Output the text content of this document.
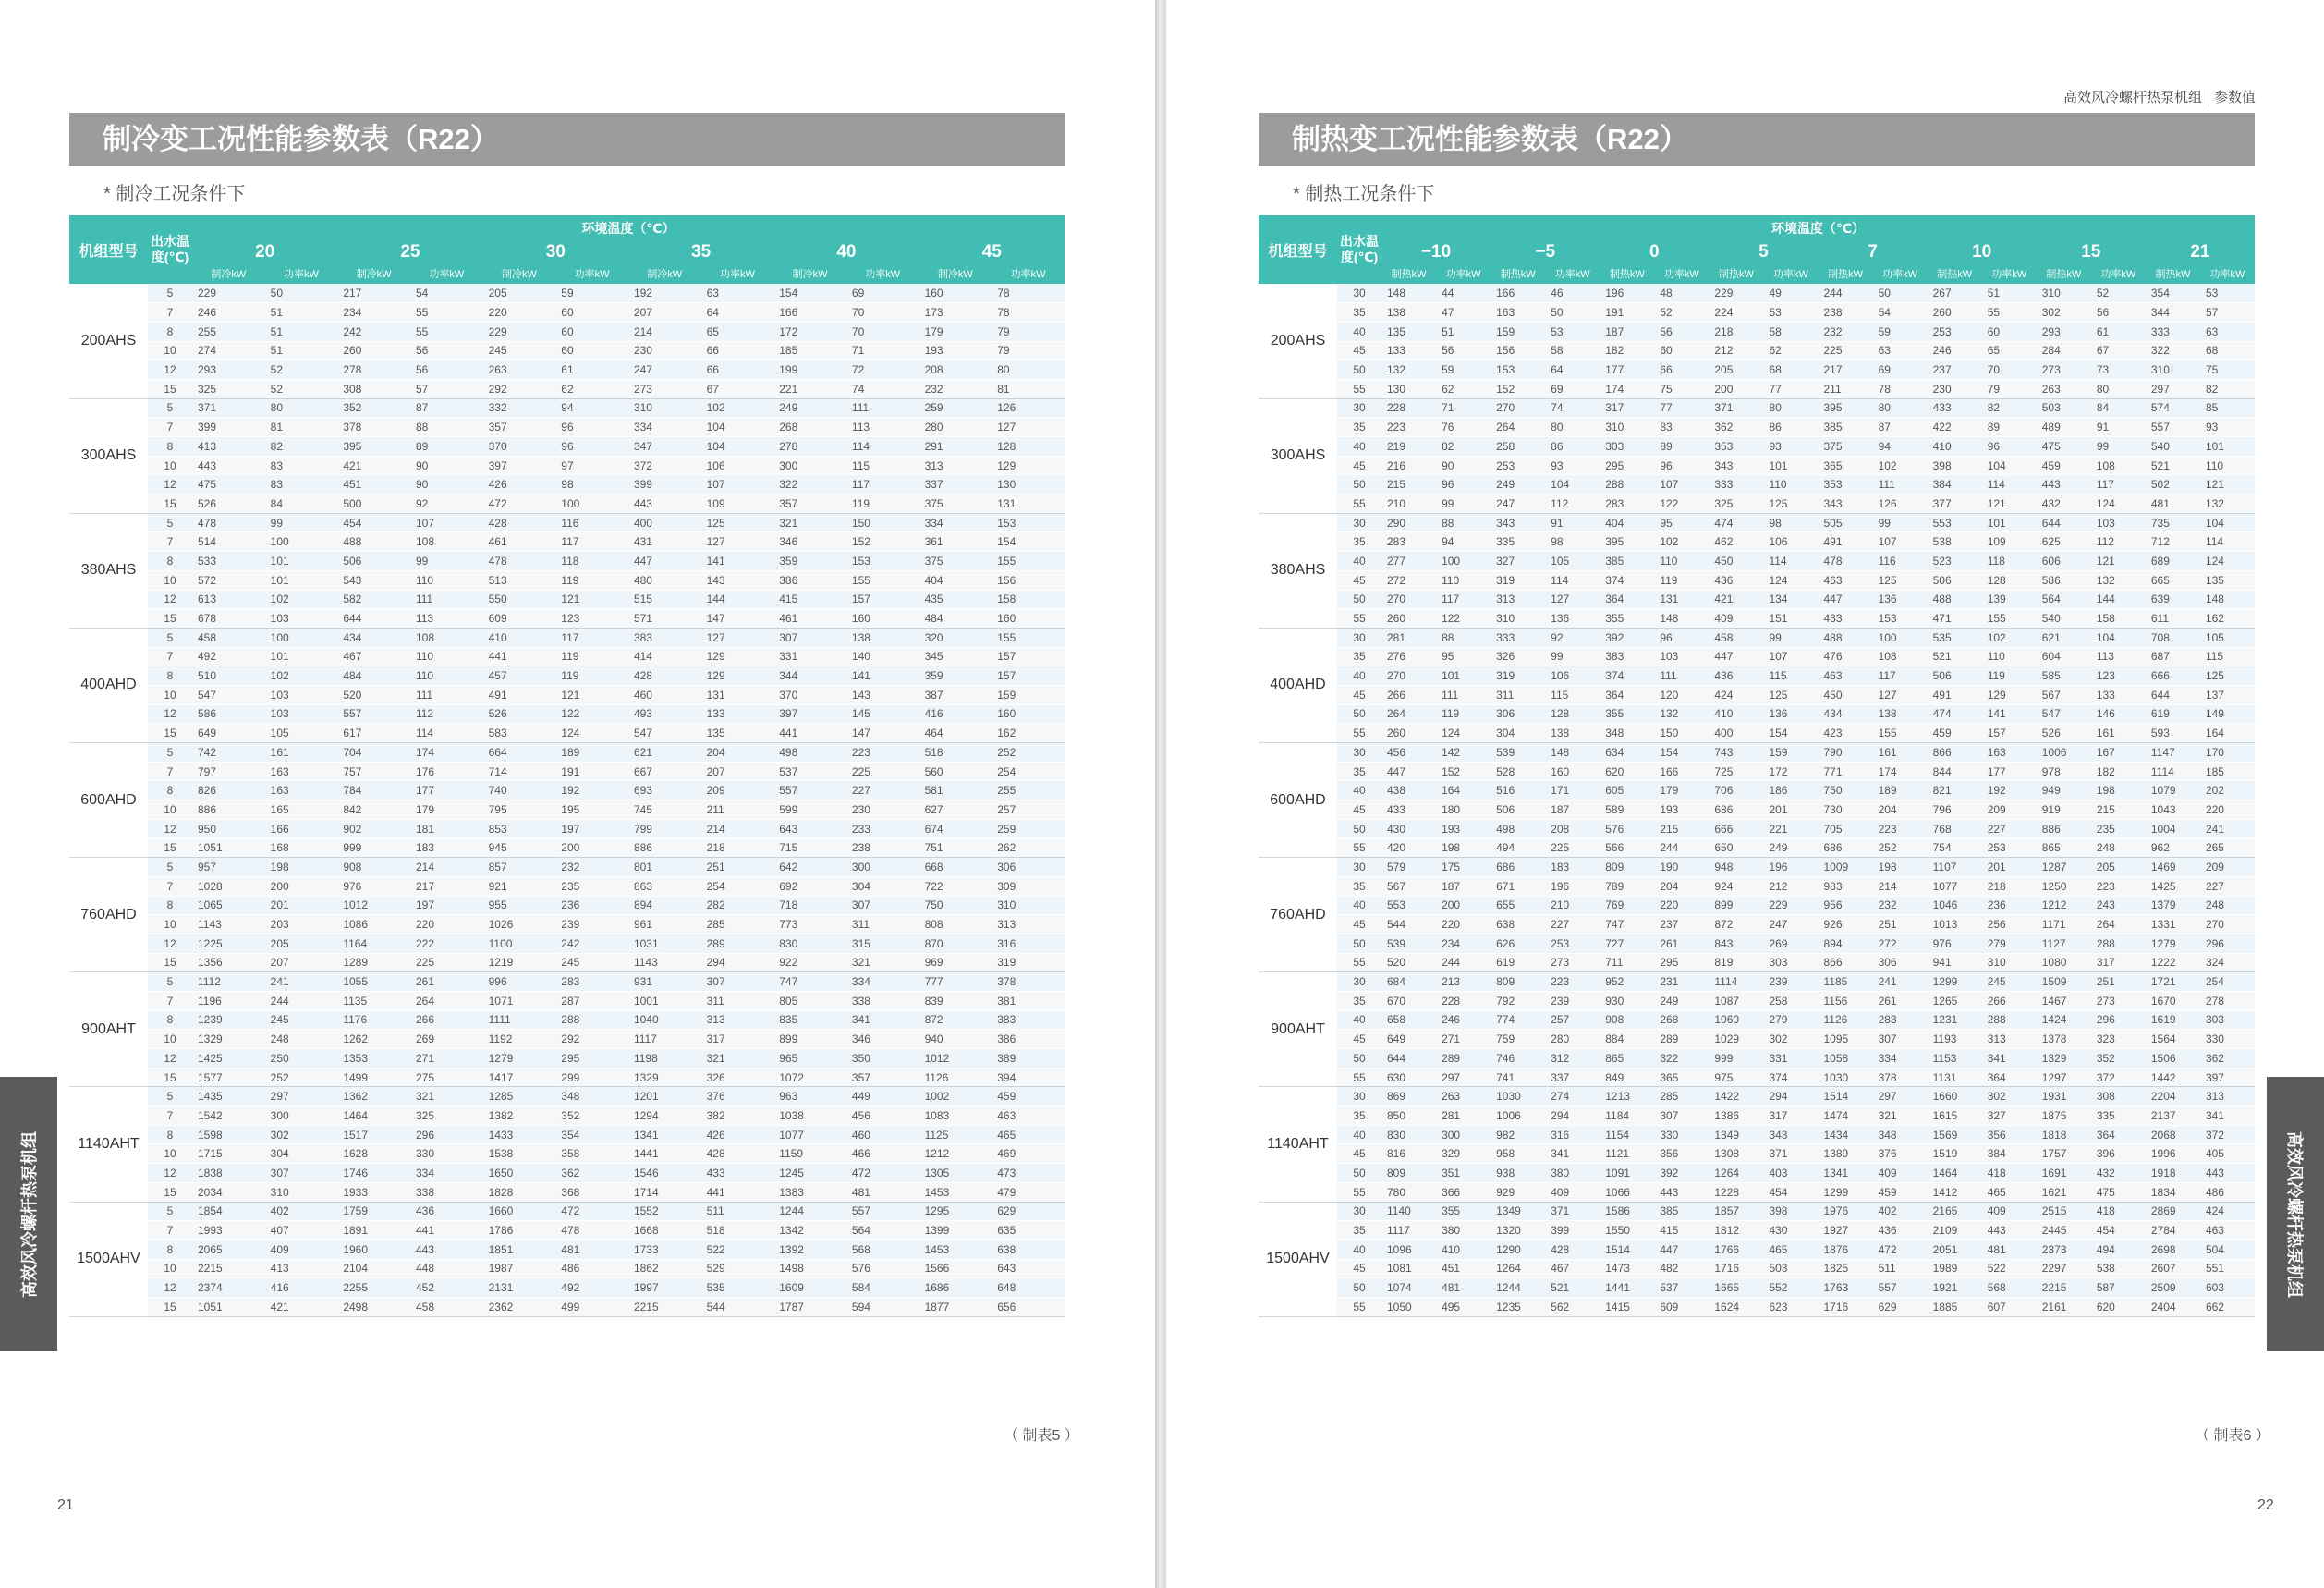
制冷变工况性能参数表（R22）
* 制冷工况条件下
机组型号	出水温度(℃)	环境温度（℃）											
		20		25		30		35		40		45	
		制冷kW	功率kW	制冷kW	功率kW	制冷kW	功率kW	制冷kW	功率kW	制冷kW	功率kW	制冷kW	功率kW
200AHS	5	229	50	217	54	205	59	192	63	154	69	160	78
	7	246	51	234	55	220	60	207	64	166	70	173	78
	8	255	51	242	55	229	60	214	65	172	70	179	79
	10	274	51	260	56	245	60	230	66	185	71	193	79
	12	293	52	278	56	263	61	247	66	199	72	208	80
	15	325	52	308	57	292	62	273	67	221	74	232	81
300AHS	5	371	80	352	87	332	94	310	102	249	111	259	126
	7	399	81	378	88	357	96	334	104	268	113	280	127
	8	413	82	395	89	370	96	347	104	278	114	291	128
	10	443	83	421	90	397	97	372	106	300	115	313	129
	12	475	83	451	90	426	98	399	107	322	117	337	130
	15	526	84	500	92	472	100	443	109	357	119	375	131
380AHS	5	478	99	454	107	428	116	400	125	321	150	334	153
	7	514	100	488	108	461	117	431	127	346	152	361	154
	8	533	101	506	99	478	118	447	141	359	153	375	155
	10	572	101	543	110	513	119	480	143	386	155	404	156
	12	613	102	582	111	550	121	515	144	415	157	435	158
	15	678	103	644	113	609	123	571	147	461	160	484	160
400AHD	5	458	100	434	108	410	117	383	127	307	138	320	155
	7	492	101	467	110	441	119	414	129	331	140	345	157
	8	510	102	484	110	457	119	428	129	344	141	359	157
	10	547	103	520	111	491	121	460	131	370	143	387	159
	12	586	103	557	112	526	122	493	133	397	145	416	160
	15	649	105	617	114	583	124	547	135	441	147	464	162
600AHD	5	742	161	704	174	664	189	621	204	498	223	518	252
	7	797	163	757	176	714	191	667	207	537	225	560	254
	8	826	163	784	177	740	192	693	209	557	227	581	255
	10	886	165	842	179	795	195	745	211	599	230	627	257
	12	950	166	902	181	853	197	799	214	643	233	674	259
	15	1051	168	999	183	945	200	886	218	715	238	751	262
760AHD	5	957	198	908	214	857	232	801	251	642	300	668	306
	7	1028	200	976	217	921	235	863	254	692	304	722	309
	8	1065	201	1012	197	955	236	894	282	718	307	750	310
	10	1143	203	1086	220	1026	239	961	285	773	311	808	313
	12	1225	205	1164	222	1100	242	1031	289	830	315	870	316
	15	1356	207	1289	225	1219	245	1143	294	922	321	969	319
900AHT	5	1112	241	1055	261	996	283	931	307	747	334	777	378
	7	1196	244	1135	264	1071	287	1001	311	805	338	839	381
	8	1239	245	1176	266	1111	288	1040	313	835	341	872	383
	10	1329	248	1262	269	1192	292	1117	317	899	346	940	386
	12	1425	250	1353	271	1279	295	1198	321	965	350	1012	389
	15	1577	252	1499	275	1417	299	1329	326	1072	357	1126	394
1140AHT	5	1435	297	1362	321	1285	348	1201	376	963	449	1002	459
	7	1542	300	1464	325	1382	352	1294	382	1038	456	1083	463
	8	1598	302	1517	296	1433	354	1341	426	1077	460	1125	465
	10	1715	304	1628	330	1538	358	1441	428	1159	466	1212	469
	12	1838	307	1746	334	1650	362	1546	433	1245	472	1305	473
	15	2034	310	1933	338	1828	368	1714	441	1383	481	1453	479
1500AHV	5	1854	402	1759	436	1660	472	1552	511	1244	557	1295	629
	7	1993	407	1891	441	1786	478	1668	518	1342	564	1399	635
	8	2065	409	1960	443	1851	481	1733	522	1392	568	1453	638
	10	2215	413	2104	448	1987	486	1862	529	1498	576	1566	643
	12	2374	416	2255	452	2131	492	1997	535	1609	584	1686	648
	15	1051	421	2498	458	2362	499	2215	544	1787	594	1877	656
（ 制表5 ）
21
高效风冷螺杆热泵机组
高效风冷螺杆热泵机组 参数值
制热变工况性能参数表（R22）
* 制热工况条件下
机组型号	出水温度(℃)	环境温度（℃）															
		−10		−5		0		5		7		10		15		21	
		制热kW	功率kW	制热kW	功率kW	制热kW	功率kW	制热kW	功率kW	制热kW	功率kW	制热kW	功率kW	制热kW	功率kW	制热kW	功率kW
200AHS	30	148	44	166	46	196	48	229	49	244	50	267	51	310	52	354	53
	35	138	47	163	50	191	52	224	53	238	54	260	55	302	56	344	57
	40	135	51	159	53	187	56	218	58	232	59	253	60	293	61	333	63
	45	133	56	156	58	182	60	212	62	225	63	246	65	284	67	322	68
	50	132	59	153	64	177	66	205	68	217	69	237	70	273	73	310	75
	55	130	62	152	69	174	75	200	77	211	78	230	79	263	80	297	82
300AHS	30	228	71	270	74	317	77	371	80	395	80	433	82	503	84	574	85
	35	223	76	264	80	310	83	362	86	385	87	422	89	489	91	557	93
	40	219	82	258	86	303	89	353	93	375	94	410	96	475	99	540	101
	45	216	90	253	93	295	96	343	101	365	102	398	104	459	108	521	110
	50	215	96	249	104	288	107	333	110	353	111	384	114	443	117	502	121
	55	210	99	247	112	283	122	325	125	343	126	377	121	432	124	481	132
380AHS	30	290	88	343	91	404	95	474	98	505	99	553	101	644	103	735	104
	35	283	94	335	98	395	102	462	106	491	107	538	109	625	112	712	114
	40	277	100	327	105	385	110	450	114	478	116	523	118	606	121	689	124
	45	272	110	319	114	374	119	436	124	463	125	506	128	586	132	665	135
	50	270	117	313	127	364	131	421	134	447	136	488	139	564	144	639	148
	55	260	122	310	136	355	148	409	151	433	153	471	155	540	158	611	162
400AHD	30	281	88	333	92	392	96	458	99	488	100	535	102	621	104	708	105
	35	276	95	326	99	383	103	447	107	476	108	521	110	604	113	687	115
	40	270	101	319	106	374	111	436	115	463	117	506	119	585	123	666	125
	45	266	111	311	115	364	120	424	125	450	127	491	129	567	133	644	137
	50	264	119	306	128	355	132	410	136	434	138	474	141	547	146	619	149
	55	260	124	304	138	348	150	400	154	423	155	459	157	526	161	593	164
600AHD	30	456	142	539	148	634	154	743	159	790	161	866	163	1006	167	1147	170
	35	447	152	528	160	620	166	725	172	771	174	844	177	978	182	1114	185
	40	438	164	516	171	605	179	706	186	750	189	821	192	949	198	1079	202
	45	433	180	506	187	589	193	686	201	730	204	796	209	919	215	1043	220
	50	430	193	498	208	576	215	666	221	705	223	768	227	886	235	1004	241
	55	420	198	494	225	566	244	650	249	686	252	754	253	865	248	962	265
760AHD	30	579	175	686	183	809	190	948	196	1009	198	1107	201	1287	205	1469	209
	35	567	187	671	196	789	204	924	212	983	214	1077	218	1250	223	1425	227
	40	553	200	655	210	769	220	899	229	956	232	1046	236	1212	243	1379	248
	45	544	220	638	227	747	237	872	247	926	251	1013	256	1171	264	1331	270
	50	539	234	626	253	727	261	843	269	894	272	976	279	1127	288	1279	296
	55	520	244	619	273	711	295	819	303	866	306	941	310	1080	317	1222	324
900AHT	30	684	213	809	223	952	231	1114	239	1185	241	1299	245	1509	251	1721	254
	35	670	228	792	239	930	249	1087	258	1156	261	1265	266	1467	273	1670	278
	40	658	246	774	257	908	268	1060	279	1126	283	1231	288	1424	296	1619	303
	45	649	271	759	280	884	289	1029	302	1095	307	1193	313	1378	323	1564	330
	50	644	289	746	312	865	322	999	331	1058	334	1153	341	1329	352	1506	362
	55	630	297	741	337	849	365	975	374	1030	378	1131	364	1297	372	1442	397
1140AHT	30	869	263	1030	274	1213	285	1422	294	1514	297	1660	302	1931	308	2204	313
	35	850	281	1006	294	1184	307	1386	317	1474	321	1615	327	1875	335	2137	341
	40	830	300	982	316	1154	330	1349	343	1434	348	1569	356	1818	364	2068	372
	45	816	329	958	341	1121	356	1308	371	1389	376	1519	384	1757	396	1996	405
	50	809	351	938	380	1091	392	1264	403	1341	409	1464	418	1691	432	1918	443
	55	780	366	929	409	1066	443	1228	454	1299	459	1412	465	1621	475	1834	486
1500AHV	30	1140	355	1349	371	1586	385	1857	398	1976	402	2165	409	2515	418	2869	424
	35	1117	380	1320	399	1550	415	1812	430	1927	436	2109	443	2445	454	2784	463
	40	1096	410	1290	428	1514	447	1766	465	1876	472	2051	481	2373	494	2698	504
	45	1081	451	1264	467	1473	482	1716	503	1825	511	1989	522	2297	538	2607	551
	50	1074	481	1244	521	1441	537	1665	552	1763	557	1921	568	2215	587	2509	603
	55	1050	495	1235	562	1415	609	1624	623	1716	629	1885	607	2161	620	2404	662
（ 制表6 ）
22
高效风冷螺杆热泵机组
